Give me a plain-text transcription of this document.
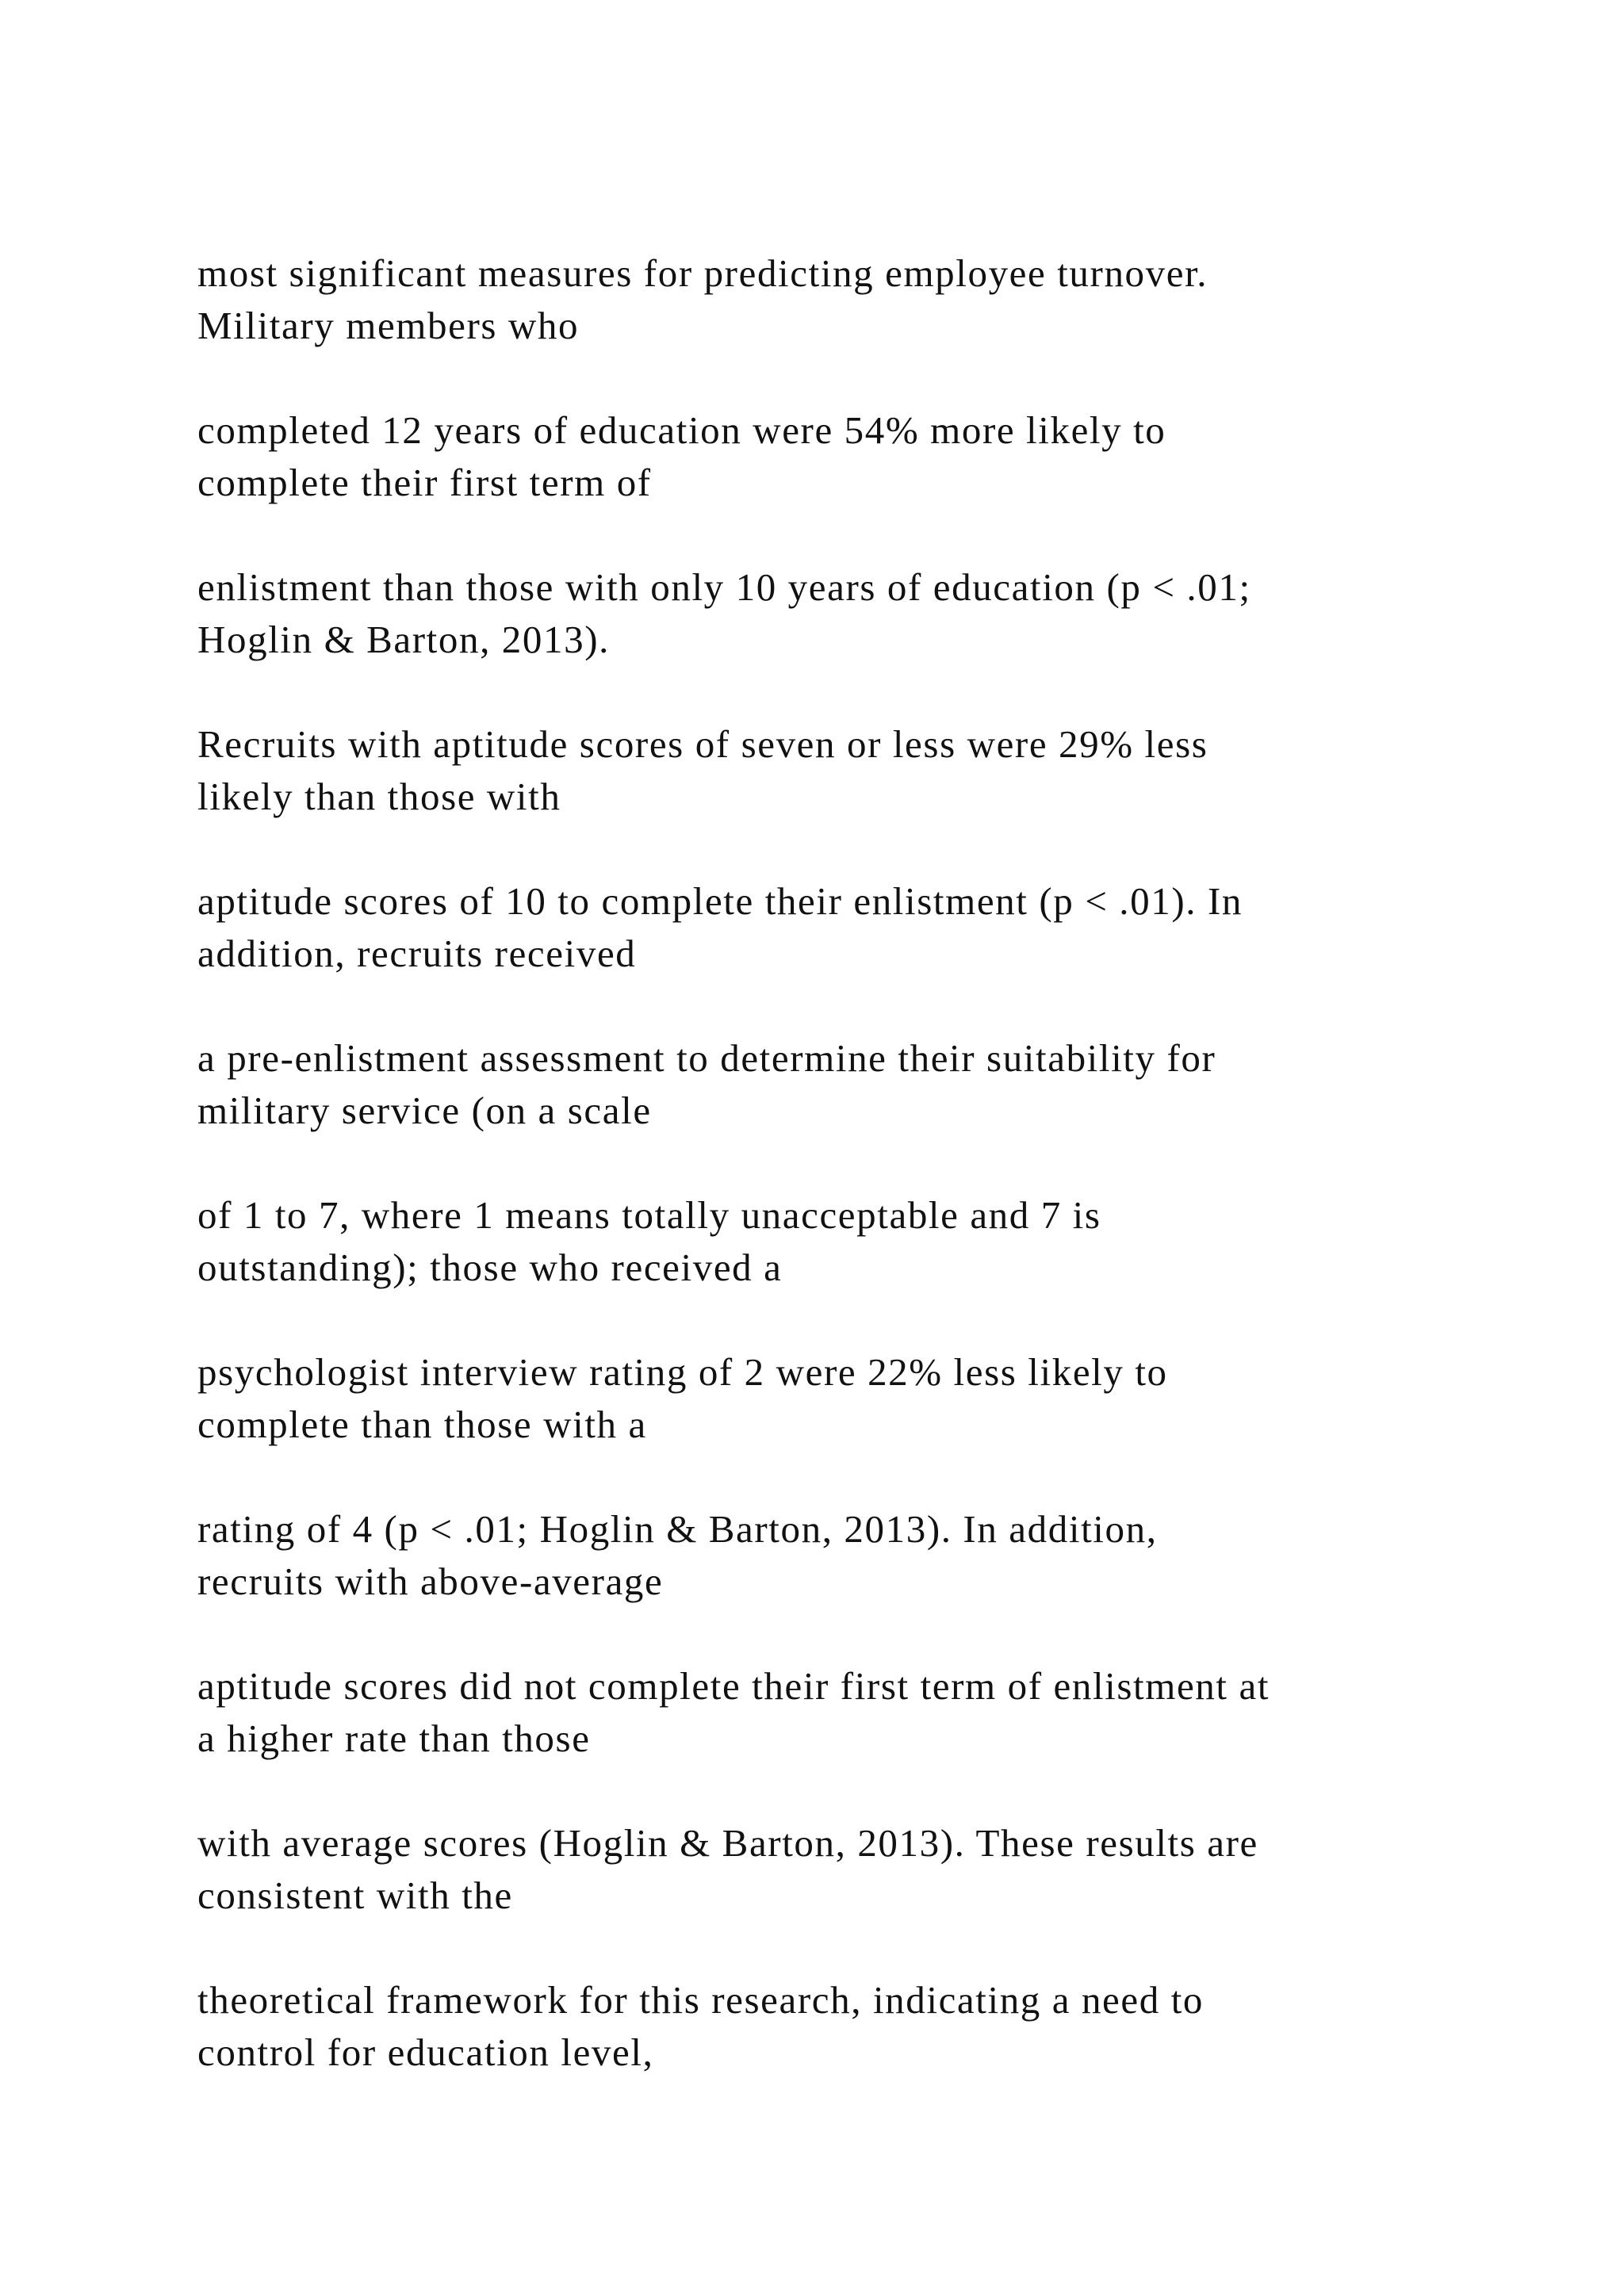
most significant measures for predicting employee turnover.
Military members who

completed 12 years of education were 54% more likely to
complete their first term of

enlistment than those with only 10 years of education (p < .01;
Hoglin & Barton, 2013).

Recruits with aptitude scores of seven or less were 29% less
likely than those with

aptitude scores of 10 to complete their enlistment (p < .01). In
addition, recruits received

a pre-enlistment assessment to determine their suitability for
military service (on a scale

of 1 to 7, where 1 means totally unacceptable and 7 is
outstanding); those who received a

psychologist interview rating of 2 were 22% less likely to
complete than those with a

rating of 4 (p < .01; Hoglin & Barton, 2013). In addition,
recruits with above-average

aptitude scores did not complete their first term of enlistment at
a higher rate than those

with average scores (Hoglin & Barton, 2013). These results are
consistent with the

theoretical framework for this research, indicating a need to
control for education level,
